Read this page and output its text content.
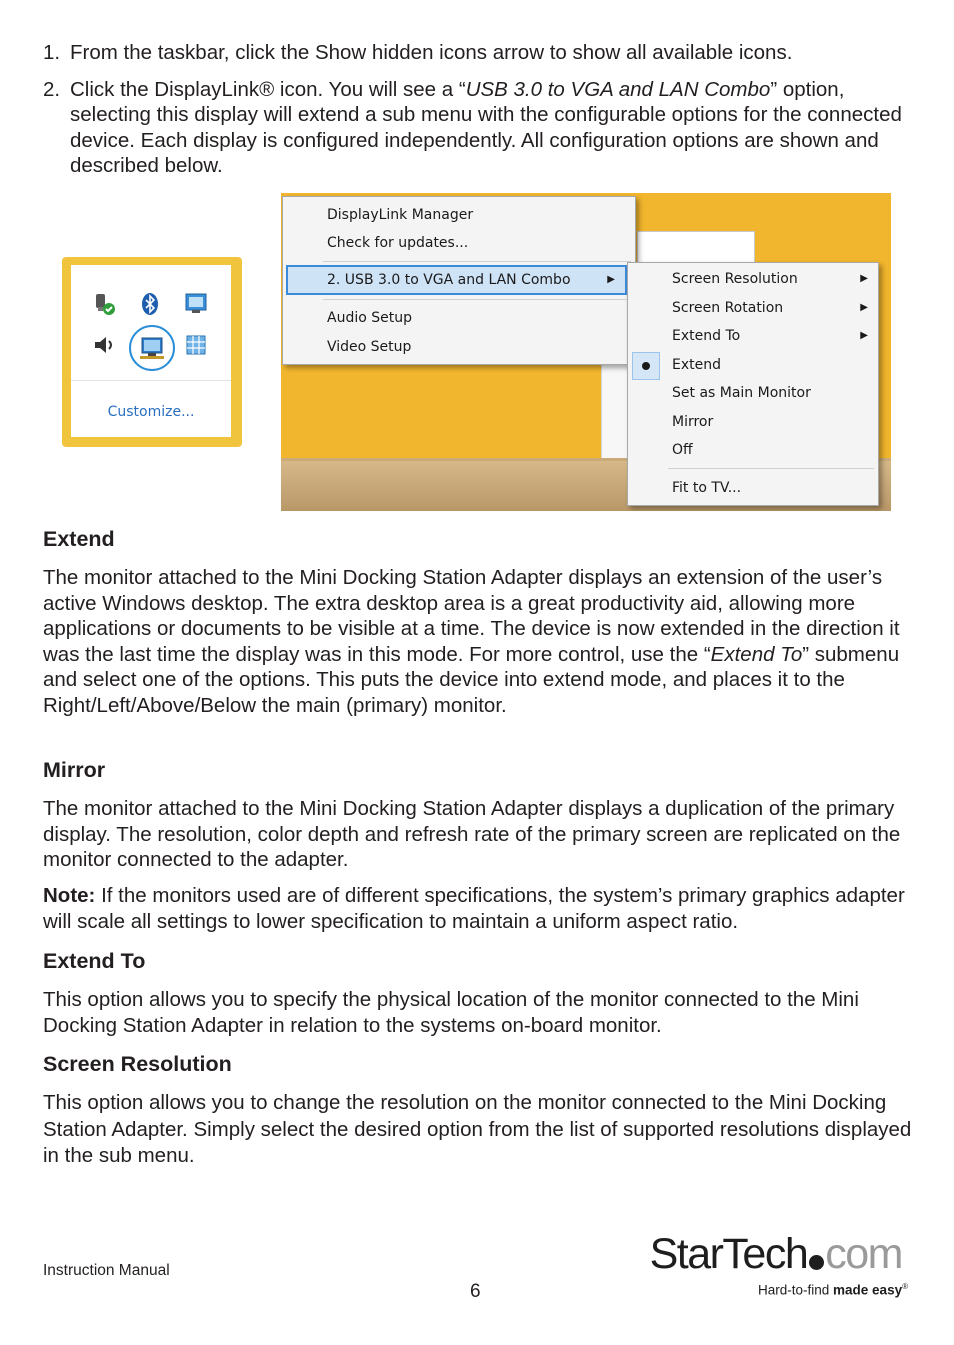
1. From the taskbar, click the Show hidden icons arrow to show all available icons.
2. Click the DisplayLink® icon. You will see a “USB 3.0 to VGA and LAN Combo” option, selecting this display will extend a sub menu with the configurable options for the connected device. Each display is configured independently. All configuration options are shown and described below.
Customize...
DisplayLink Manager
Check for updates...
2. USB 3.0 to VGA and LAN Combo	▶
Audio Setup
Video Setup
Screen Resolution	▶
Screen Rotation	▶
Extend To	▶
Extend
Set as Main Monitor
Mirror
Off
Fit to TV...
Extend

The monitor attached to the Mini Docking Station Adapter displays an extension of the user’s active Windows desktop. The extra desktop area is a great productivity aid, allowing more applications or documents to be visible at a time. The device is now extended in the direction it was the last time the display was in this mode. For more control, use the “Extend To” submenu and select one of the options. This puts the device into extend mode, and places it to the Right/Left/Above/Below the main (primary) monitor.

Mirror

The monitor attached to the Mini Docking Station Adapter displays a duplication of the primary display. The resolution, color depth and refresh rate of the primary screen are replicated on the monitor connected to the adapter.

Note: If the monitors used are of different specifications, the system’s primary graphics adapter will scale all settings to lower specification to maintain a uniform aspect ratio.

Extend To

This option allows you to specify the physical location of the monitor connected to the Mini Docking Station Adapter in relation to the systems on-board monitor.

Screen Resolution

This option allows you to change the resolution on the monitor connected to the Mini Docking Station Adapter. Simply select the desired option from the list of supported resolutions displayed in the sub menu.

Instruction Manual
6
StarTech com
Hard-to-find made easy®
